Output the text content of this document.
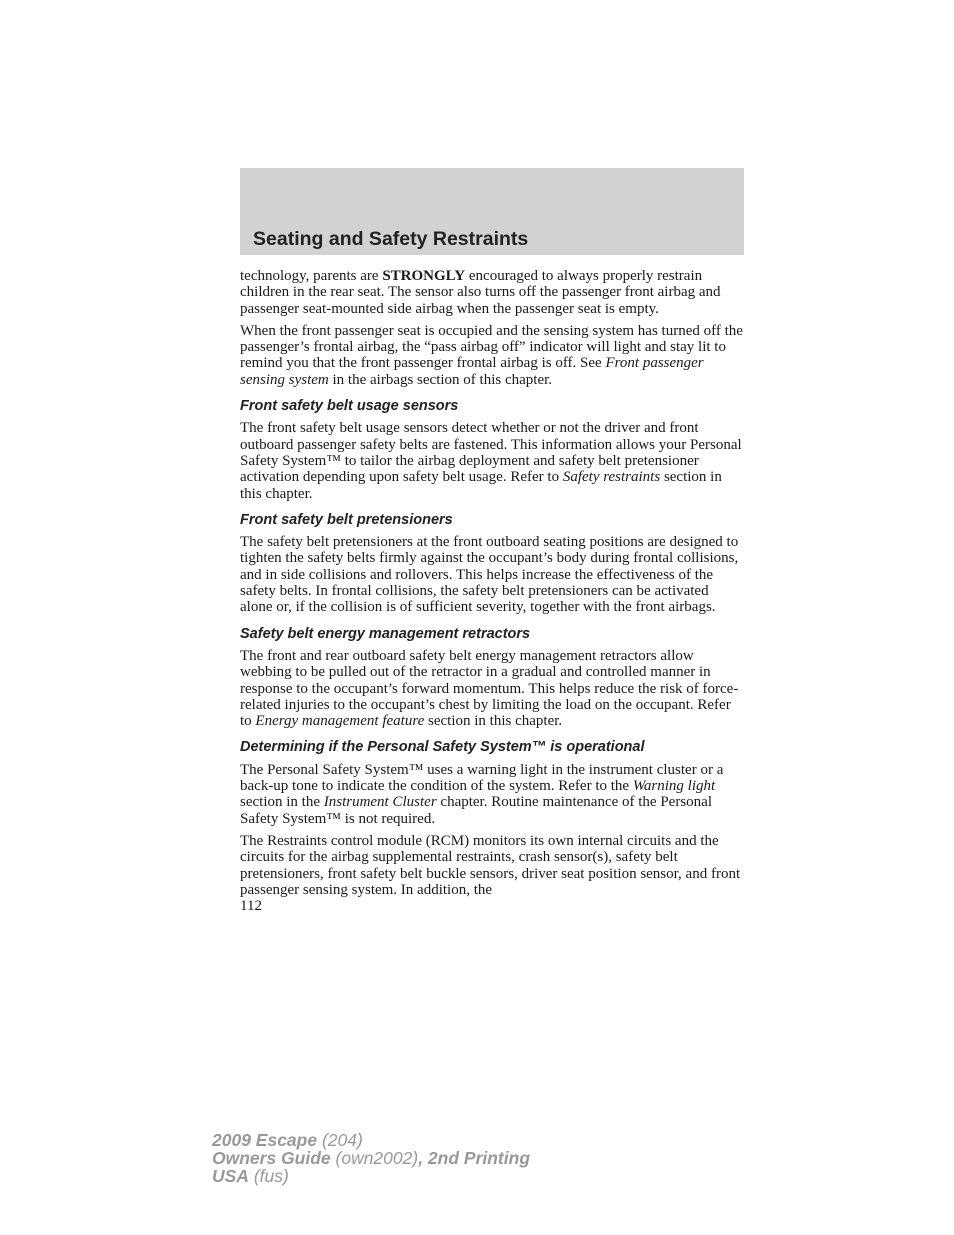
Seating and Safety Restraints

technology, parents are STRONGLY encouraged to always properly restrain children in the rear seat. The sensor also turns off the passenger front airbag and passenger seat-mounted side airbag when the passenger seat is empty.

When the front passenger seat is occupied and the sensing system has turned off the passenger’s frontal airbag, the “pass airbag off” indicator will light and stay lit to remind you that the front passenger frontal airbag is off. See Front passenger sensing system in the airbags section of this chapter.

Front safety belt usage sensors

The front safety belt usage sensors detect whether or not the driver and front outboard passenger safety belts are fastened. This information allows your Personal Safety System™ to tailor the airbag deployment and safety belt pretensioner activation depending upon safety belt usage. Refer to Safety restraints section in this chapter.

Front safety belt pretensioners

The safety belt pretensioners at the front outboard seating positions are designed to tighten the safety belts firmly against the occupant’s body during frontal collisions, and in side collisions and rollovers. This helps increase the effectiveness of the safety belts. In frontal collisions, the safety belt pretensioners can be activated alone or, if the collision is of sufficient severity, together with the front airbags.

Safety belt energy management retractors

The front and rear outboard safety belt energy management retractors allow webbing to be pulled out of the retractor in a gradual and controlled manner in response to the occupant’s forward momentum. This helps reduce the risk of force-related injuries to the occupant’s chest by limiting the load on the occupant. Refer to Energy management feature section in this chapter.

Determining if the Personal Safety System™ is operational

The Personal Safety System™ uses a warning light in the instrument cluster or a back-up tone to indicate the condition of the system. Refer to the Warning light section in the Instrument Cluster chapter. Routine maintenance of the Personal Safety System™ is not required.

The Restraints control module (RCM) monitors its own internal circuits and the circuits for the airbag supplemental restraints, crash sensor(s), safety belt pretensioners, front safety belt buckle sensors, driver seat position sensor, and front passenger sensing system. In addition, the

112
2009 Escape (204)
Owners Guide (own2002), 2nd Printing
USA (fus)
